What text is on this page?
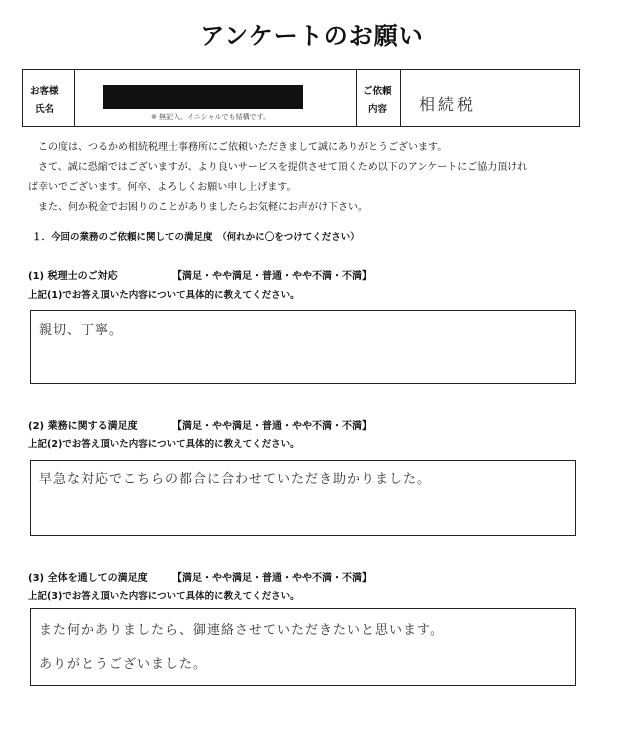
アンケートのお願い
お客様
氏名
※ 無記入、イニシャルでも結構です。
ご依頼
内容 相続税

この度は、つるかめ相続税理士事務所にご依頼いただきまして誠にありがとうございます。

さて、誠に恐縮ではございますが、より良いサービスを提供させて頂くため以下のアンケートにご協力頂けれ

ば幸いでございます。何卒、よろしくお願い申し上げます。

また、何か税金でお困りのことがありましたらお気軽にお声がけ下さい。

１．今回の業務のご依頼に関しての満足度　（何れかに〇をつけてください）
(1) 税理士のご対応	【満足・やや満足・普通・やや不満・不満】
上記(1)でお答え頂いた内容について具体的に教えてください。
親切、丁寧。
(2) 業務に関する満足度	【満足・やや満足・普通・やや不満・不満】
上記(2)でお答え頂いた内容について具体的に教えてください。
早急な対応でこちらの都合に合わせていただき助かりました。
(3) 全体を通しての満足度 【満足・やや満足・普通・やや不満・不満】
上記(3)でお答え頂いた内容について具体的に教えてください。
また何かありましたら、御連絡させていただきたいと思います。
ありがとうございました。
